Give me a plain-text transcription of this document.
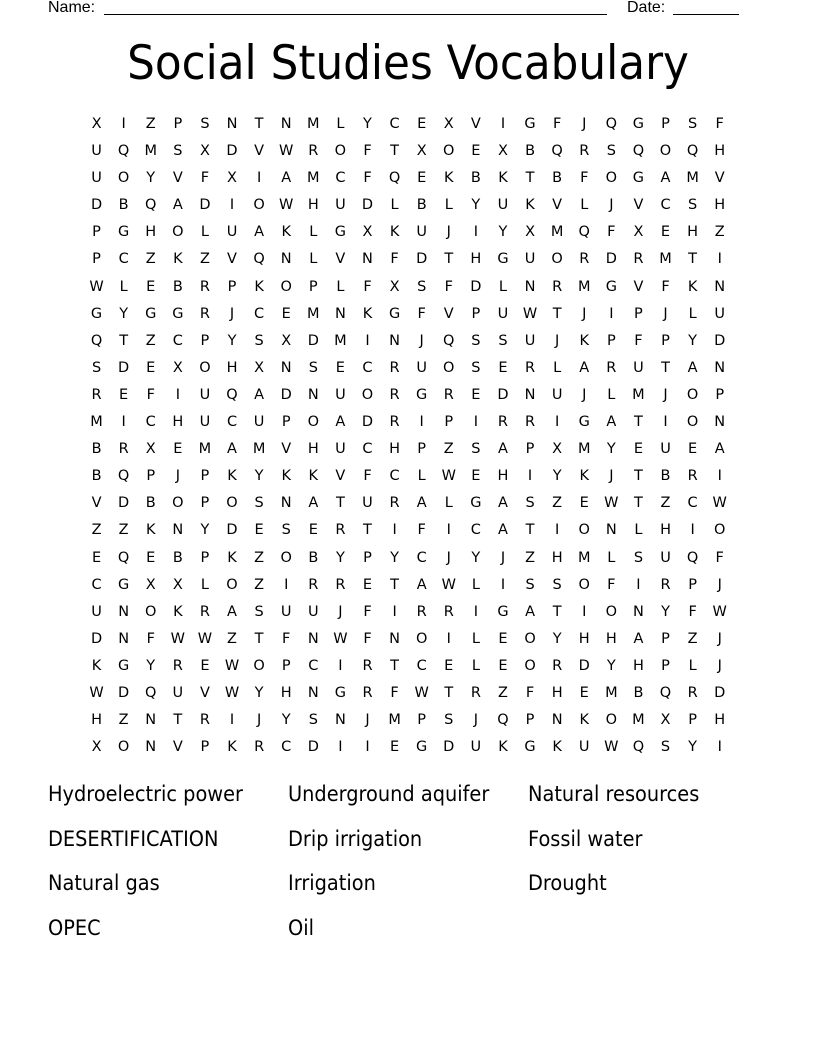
Name:	Date:
Social Studies Vocabulary
X	I	Z	P	S	N	T	N	M	L	Y	C	E	X	V	I	G	F	J	Q	G	P	S	F
U	Q	M	S	X	D	V	W	R	O	F	T	X	O	E	X	B	Q	R	S	Q	O	Q	H
U	O	Y	V	F	X	I	A	M	C	F	Q	E	K	B	K	T	B	F	O	G	A	M	V
D	B	Q	A	D	I	O W H	U	D	L	B	L	Y	U	K	V	L	J	V	C	S	H
P	G	H	O	L	U	A	K	L	G	X	K	U	J	I	Y	X	M	Q	F	X	E	H	Z
P	C	Z	K	Z	V	Q	N	L	V	N	F	D	T	H	G	U	O	R	D	R	M	T	I
W	L	E	B	R	P	K	O	P	L	F	X	S	F	D	L	N	R	M	G	V	F	K	N
G	Y	G	G	R	J	C	E	M	N	K	G	F	V	P	U	W	T	J	I	P	J	L	U
Q	T	Z	C	P	Y	S	X	D	M	I	N	J	Q	S	S	U	J	K	P	F	P	Y	D
S	D	E	X	O	H	X	N	S	E	C	R	U	O	S	E	R	L	A	R	U	T	A	N
R	E	F	I	U	Q	A	D	N	U	O	R	G	R	E	D	N	U	J	L	M	J	O	P
M	I	C	H	U	C	U	P	O	A	D	R	I	P	I	R	R	I	G	A	T	I	O	N
B	R	X	E	M	A	M	V	H	U	C	H	P	Z	S	A	P	X	M	Y	E	U	E	A
B	Q	P	J	P	K	Y	K	K	V	F	C	L	W	E	H	I	Y	K	J	T	B	R	I
V	D	B	O	P	O	S	N	A	T	U	R	A	L	G	A	S	Z	E	W	T	Z	C	W
Z	Z	K	N	Y	D	E	S	E	R	T	I	F	I	C	A	T	I	O	N	L	H	I	O
E	Q	E	B	P	K	Z	O	B	Y	P	Y	C	J	Y	J	Z	H	M	L	S	U	Q	F
C	G	X	X	L	O	Z	I	R	R	E	T	A	W	L	I	S	S	O	F	I	R	P	J
U	N	O	K	R	A	S	U	U	J	F	I	R	R	I	G	A	T	I	O	N	Y	F	W
D	N	F	W W	Z	T	F	N	W	F	N	O	I	L	E	O	Y	H	H	A	P	Z	J
K	G	Y	R	E	W O	P	C	I	R	T	C	E	L	E	O	R	D	Y	H	P	L	J
W D	Q	U	V	W	Y	H	N	G	R	F	W	T	R	Z	F	H	E	M	B	Q	R	D
H	Z	N	T	R	I	J	Y	S	N	J	M	P	S	J	Q	P	N	K	O	M	X	P	H
X	O	N	V	P	K	R	C	D	I	I	E	G	D	U	K	G	K	U	W Q	S	Y	I
Hydroelectric power	Underground aquifer	Natural resources
DESERTIFICATION	Drip irrigation	Fossil water
Natural gas	Irrigation	Drought
OPEC	Oil
